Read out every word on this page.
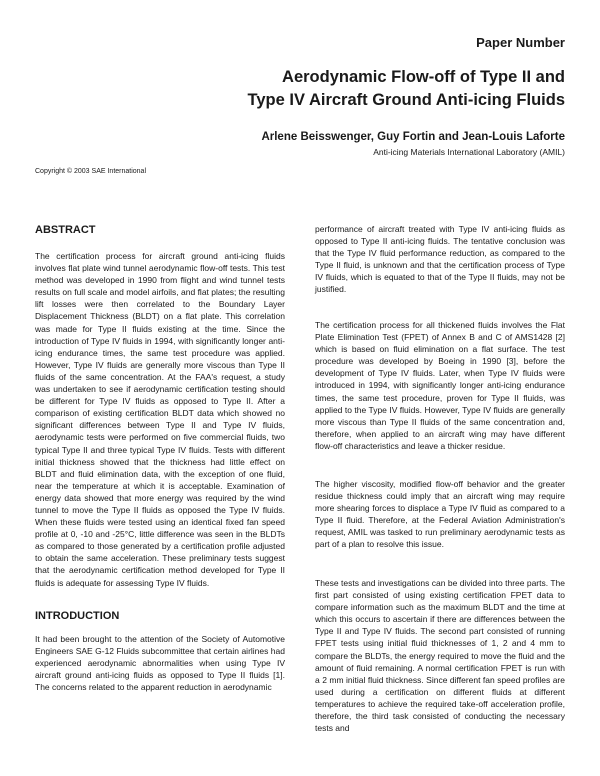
Paper Number
Aerodynamic Flow-off of Type II and
Type IV Aircraft Ground Anti-icing Fluids
Arlene Beisswenger, Guy Fortin and Jean-Louis Laforte
Anti-icing Materials International Laboratory (AMIL)
Copyright © 2003 SAE International
ABSTRACT

The certification process for aircraft ground anti-icing fluids involves flat plate wind tunnel aerodynamic flow-off tests. This test method was developed in 1990 from flight and wind tunnel tests results on full scale and model airfoils, and flat plates; the resulting lift losses were then correlated to the Boundary Layer Displacement Thickness (BLDT) on a flat plate. This correlation was made for Type II fluids existing at the time. Since the introduction of Type IV fluids in 1994, with significantly longer anti-icing endurance times, the same test procedure was applied. However, Type IV fluids are generally more viscous than Type II fluids of the same concentration. At the FAA's request, a study was undertaken to see if aerodynamic certification testing should be different for Type IV fluids as opposed to Type II. After a comparison of existing certification BLDT data which showed no significant differences between Type II and Type IV fluids, aerodynamic tests were performed on five commercial fluids, two typical Type II and three typical Type IV fluids. Tests with different initial thickness showed that the thickness had little effect on BLDT and fluid elimination data, with the exception of one fluid, near the temperature at which it is acceptable. Examination of energy data showed that more energy was required by the wind tunnel to move the Type II fluids as opposed the Type IV fluids. When these fluids were tested using an identical fixed fan speed profile at 0, -10 and -25°C, little difference was seen in the BLDTs as compared to those generated by a certification profile adjusted to obtain the same acceleration. These preliminary tests suggest that the aerodynamic certification method developed for Type II fluids is adequate for assessing Type IV fluids.

INTRODUCTION

It had been brought to the attention of the Society of Automotive Engineers SAE G-12 Fluids subcommittee that certain airlines had experienced aerodynamic abnormalities when using Type IV aircraft ground anti-icing fluids as opposed to Type II fluids [1]. The concerns related to the apparent reduction in aerodynamic

performance of aircraft treated with Type IV anti-icing fluids as opposed to Type II anti-icing fluids. The tentative conclusion was that the Type IV fluid performance reduction, as compared to the Type II fluid, is unknown and that the certification process of Type IV fluids, which is equated to that of the Type II fluids, may not be justified.

The certification process for all thickened fluids involves the Flat Plate Elimination Test (FPET) of Annex B and C of AMS1428 [2] which is based on fluid elimination on a flat surface. The test procedure was developed by Boeing in 1990 [3], before the development of Type IV fluids. Later, when Type IV fluids were introduced in 1994, with significantly longer anti-icing endurance times, the same test procedure, proven for Type II fluids, was applied to the Type IV fluids. However, Type IV fluids are generally more viscous than Type II fluids of the same concentration and, therefore, when applied to an aircraft wing may have different flow-off characteristics and leave a thicker residue.

The higher viscosity, modified flow-off behavior and the greater residue thickness could imply that an aircraft wing may require more shearing forces to displace a Type IV fluid as compared to a Type II fluid. Therefore, at the Federal Aviation Administration's request, AMIL was tasked to run preliminary aerodynamic tests as part of a plan to resolve this issue.

These tests and investigations can be divided into three parts. The first part consisted of using existing certification FPET data to compare information such as the maximum BLDT and the time at which this occurs to ascertain if there are differences between the Type II and Type IV fluids. The second part consisted of running FPET tests using initial fluid thicknesses of 1, 2 and 4 mm to compare the BLDTs, the energy required to move the fluid and the amount of fluid remaining. A normal certification FPET is run with a 2 mm initial fluid thickness. Since different fan speed profiles are used during a certification on different fluids at different temperatures to achieve the required take-off acceleration profile, therefore, the third task consisted of conducting the necessary tests and
